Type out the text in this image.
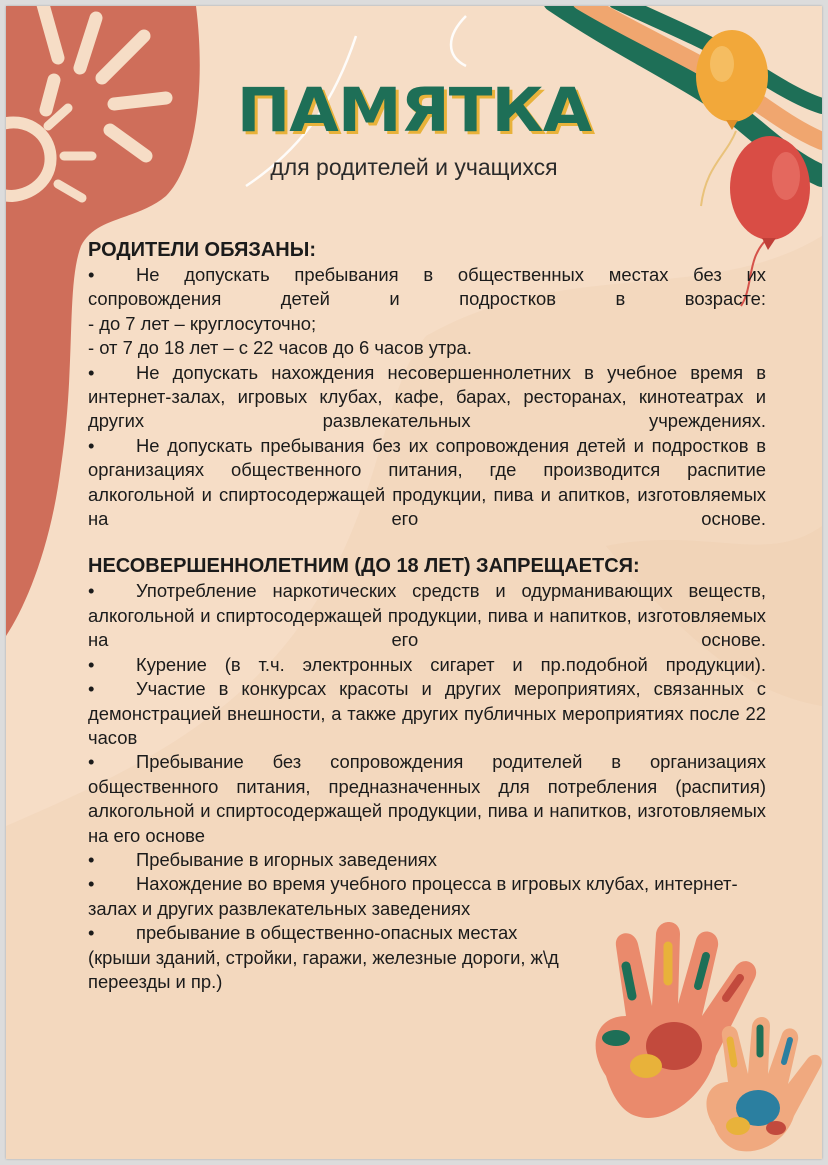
ПАМЯТКА
для родителей и учащихся
РОДИТЕЛИ ОБЯЗАНЫ:

• Не допускать пребывания в общественных местах без их сопровождения детей и подростков в возрасте:

- до 7 лет – круглосуточно;

- от 7 до 18 лет – с 22 часов до 6 часов утра.

• Не допускать нахождения несовершеннолетних в учебное время в интернет-залах, игровых клубах, кафе, барах, ресторанах, кинотеатрах и других развлекательных учреждениях.

• Не допускать пребывания без их сопровождения детей и подростков в организациях общественного питания, где производится распитие алкогольной и спиртосодержащей продукции, пива и апитков, изготовляемых на его основе.

НЕСОВЕРШЕННОЛЕТНИМ (ДО 18 ЛЕТ) ЗАПРЕЩАЕТСЯ:

• Употребление наркотических средств и одурманивающих веществ, алкогольной и спиртосодержащей продукции, пива и напитков, изготовляемых на его основе.

• Курение (в т.ч. электронных сигарет и пр.подобной продукции).

• Участие в конкурсах красоты и других мероприятиях, связанных с демонстрацией внешности, а также других публичных мероприятиях после 22 часов

• Пребывание без сопровождения родителей в организациях общественного питания, предназначенных для потребления (распития) алкогольной и спиртосодержащей продукции, пива и напитков, изготовляемых на его основе

• Пребывание в игорных заведениях

• Нахождение во время учебного процесса в игровых клубах, интернет-залах и других развлекательных заведениях

• пребывание в общественно-опасных местах (крыши зданий, стройки, гаражи, железные дороги, ж\д переезды и пр.)
